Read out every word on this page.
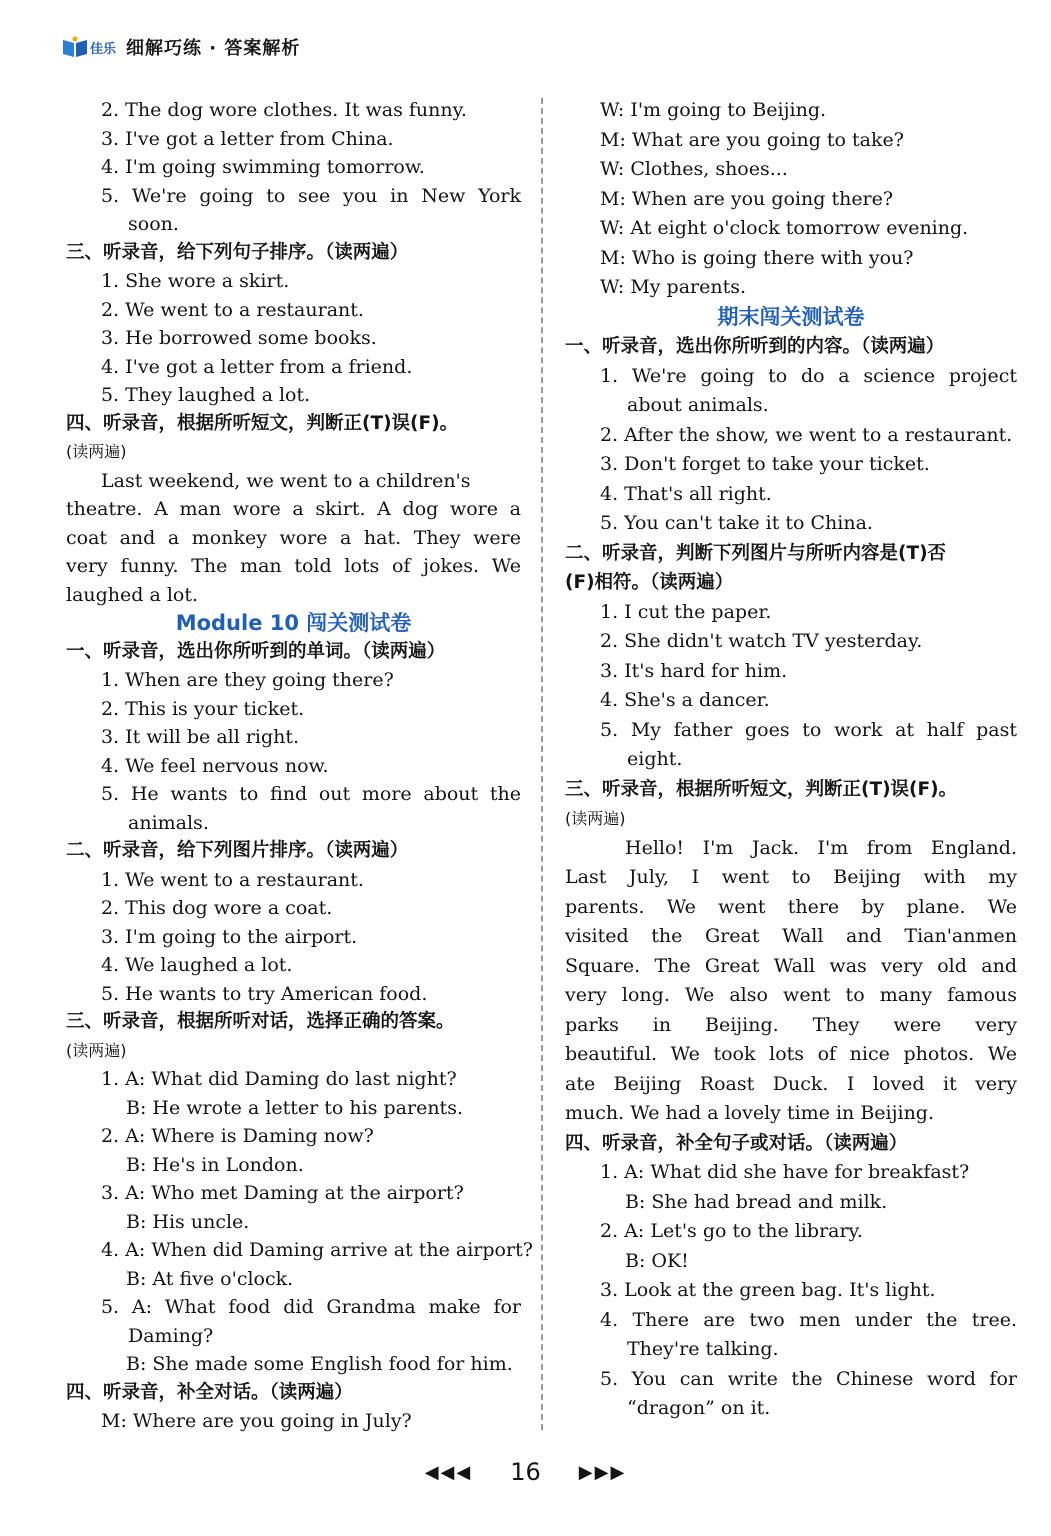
佳乐 细解巧练 · 答案解析
2. The dog wore clothes. It was funny.
3. I've got a letter from China.
4. I'm going swimming tomorrow.
5. We're going to see you in New York
soon.
三、听录音，给下列句子排序。（读两遍）
1. She wore a skirt.
2. We went to a restaurant.
3. He borrowed some books.
4. I've got a letter from a friend.
5. They laughed a lot.
四、听录音，根据所听短文，判断正(T)误(F)。
(读两遍)
Last weekend, we went to a children's
theatre. A man wore a skirt. A dog wore a
coat and a monkey wore a hat. They were
very funny. The man told lots of jokes. We
laughed a lot.
Module 10 闯关测试卷
一、听录音，选出你所听到的单词。（读两遍）
1. When are they going there?
2. This is your ticket.
3. It will be all right.
4. We feel nervous now.
5. He wants to find out more about the
animals.
二、听录音，给下列图片排序。（读两遍）
1. We went to a restaurant.
2. This dog wore a coat.
3. I'm going to the airport.
4. We laughed a lot.
5. He wants to try American food.
三、听录音，根据所听对话，选择正确的答案。
(读两遍)
1. A: What did Daming do last night?
B: He wrote a letter to his parents.
2. A: Where is Daming now?
B: He's in London.
3. A: Who met Daming at the airport?
B: His uncle.
4. A: When did Daming arrive at the airport?
B: At five o'clock.
5. A: What food did Grandma make for
Daming?
B: She made some English food for him.
四、听录音，补全对话。（读两遍）
M: Where are you going in July?
W: I'm going to Beijing.
M: What are you going to take?
W: Clothes, shoes...
M: When are you going there?
W: At eight o'clock tomorrow evening.
M: Who is going there with you?
W: My parents.
期末闯关测试卷
一、听录音，选出你所听到的内容。（读两遍）
1. We're going to do a science project
about animals.
2. After the show, we went to a restaurant.
3. Don't forget to take your ticket.
4. That's all right.
5. You can't take it to China.
二、听录音，判断下列图片与所听内容是(T)否
(F)相符。（读两遍）
1. I cut the paper.
2. She didn't watch TV yesterday.
3. It's hard for him.
4. She's a dancer.
5. My father goes to work at half past
eight.
三、听录音，根据所听短文，判断正(T)误(F)。
(读两遍)
Hello! I'm Jack. I'm from England.
Last July, I went to Beijing with my
parents. We went there by plane. We
visited the Great Wall and Tian'anmen
Square. The Great Wall was very old and
very long. We also went to many famous
parks in Beijing. They were very
beautiful. We took lots of nice photos. We
ate Beijing Roast Duck. I loved it very
much. We had a lovely time in Beijing.
四、听录音，补全句子或对话。（读两遍）
1. A: What did she have for breakfast?
B: She had bread and milk.
2. A: Let's go to the library.
B: OK!
3. Look at the green bag. It's light.
4. There are two men under the tree.
They're talking.
5. You can write the Chinese word for
“dragon” on it.
◀◀◀ 16 ▶▶▶
